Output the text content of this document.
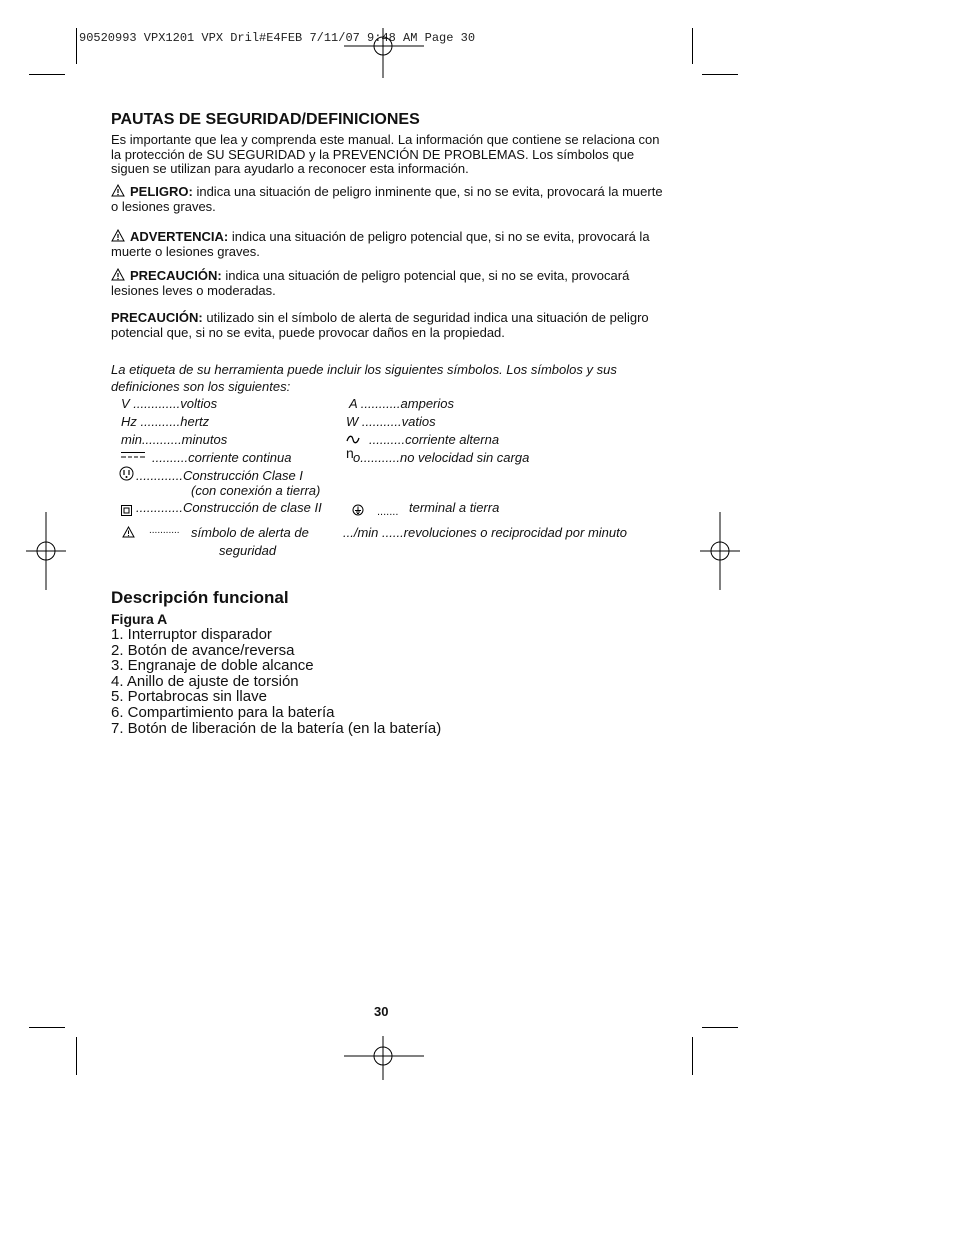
90520993 VPX1201 VPX Dril#E4FEB 7/11/07 9:48 AM Page 30
PAUTAS DE SEGURIDAD/DEFINICIONES
Es importante que lea y comprenda este manual. La información que contiene se relaciona con la protección de SU SEGURIDAD y la PREVENCIÓN DE PROBLEMAS. Los símbolos que siguen se utilizan para ayudarlo a reconocer esta información.
PELIGRO: indica una situación de peligro inminente que, si no se evita, provocará la muerte o lesiones graves.
ADVERTENCIA: indica una situación de peligro potencial que, si no se evita, provocará la muerte o lesiones graves.
PRECAUCIÓN: indica una situación de peligro potencial que, si no se evita, provocará lesiones leves o moderadas.
PRECAUCIÓN: utilizado sin el símbolo de alerta de seguridad indica una situación de peligro potencial que, si no se evita, puede provocar daños en la propiedad.
La etiqueta de su herramienta puede incluir los siguientes símbolos. Los símbolos y sus definiciones son los siguientes:
V .............voltios
Hz ...........hertz
min...........minutos
..........corriente continua
.............Construcción Clase I
(con conexión a tierra)
.............Construcción de clase II
........... símbolo de alerta de
seguridad
A ...........amperios
W ...........vatios
..........corriente alterna
n o...........no velocidad sin carga
....... terminal a tierra
.../min ......revoluciones o reciprocidad por minuto
Descripción funcional
Figura A
1. Interruptor disparador
2. Botón de avance/reversa
3. Engranaje de doble alcance
4. Anillo de ajuste de torsión
5. Portabrocas sin llave
6. Compartimiento para la batería
7. Botón de liberación de la batería (en la batería)
30
